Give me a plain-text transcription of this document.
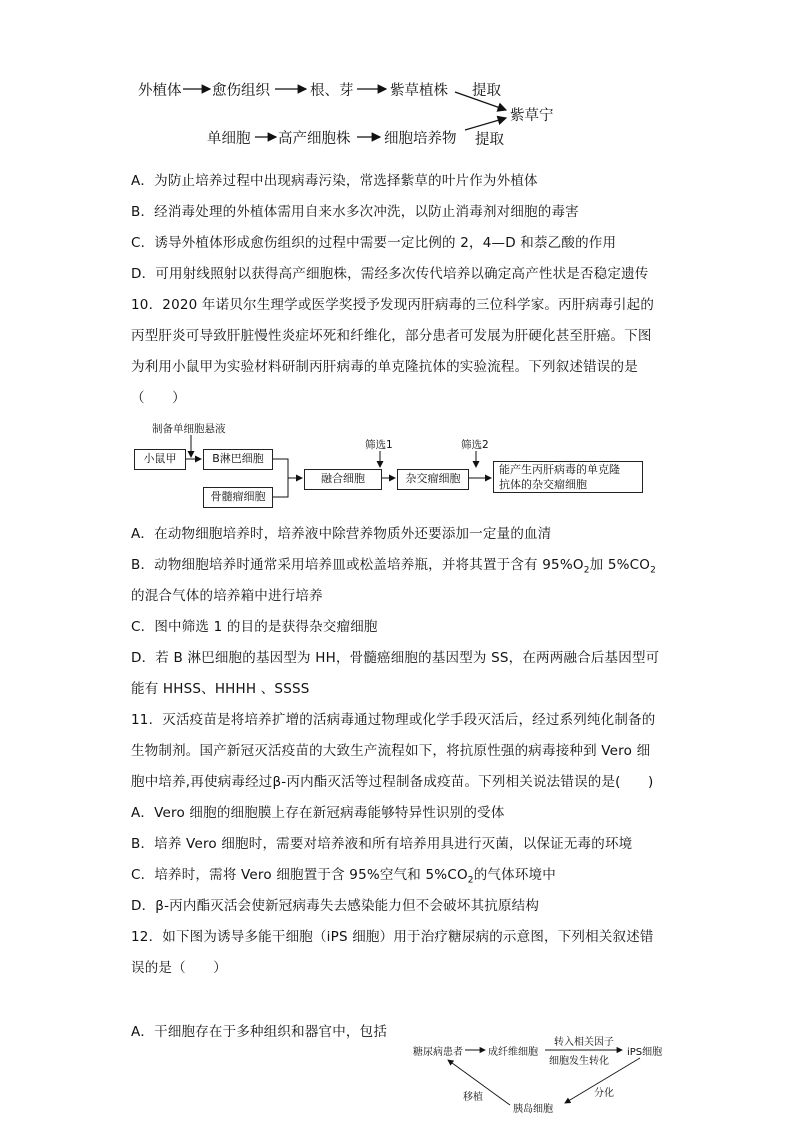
外植体 愈伤组织	根、芽	紫草植株
单细胞 高产细胞株 细胞培养物
紫草宁
提取
提取
A．为防止培养过程中出现病毒污染，常选择紫草的叶片作为外植体
B．经消毒处理的外植体需用自来水多次冲洗，以防止消毒剂对细胞的毒害
C．诱导外植体形成愈伤组织的过程中需要一定比例的 2，4—D 和萘乙酸的作用
D．可用射线照射以获得高产细胞株，需经多次传代培养以确定高产性状是否稳定遗传
10．2020 年诺贝尔生理学或医学奖授予发现丙肝病毒的三位科学家。丙肝病毒引起的
丙型肝炎可导致肝脏慢性炎症坏死和纤维化，部分患者可发展为肝硬化甚至肝癌。下图
为利用小鼠甲为实验材料研制丙肝病毒的单克隆抗体的实验流程。下列叙述错误的是
（　　）
制备单细胞悬液
筛选1	筛选2
小鼠甲	B淋巴细胞
骨髓瘤细胞
融合细胞	杂交瘤细胞
能产生丙肝病毒的单克隆
抗体的杂交瘤细胞
A．在动物细胞培养时，培养液中除营养物质外还要添加一定量的血清
B．动物细胞培养时通常采用培养皿或松盖培养瓶，并将其置于含有 $95\%O_2$加 $5\%CO_2$
的混合气体的培养箱中进行培养
C．图中筛选 1 的目的是获得杂交瘤细胞
D．若 B 淋巴细胞的基因型为 HH，骨髓癌细胞的基因型为 SS，在两两融合后基因型可
能有 HHSS、HHHH 、SSSS
11．灭活疫苗是将培养扩增的活病毒通过物理或化学手段灭活后，经过系列纯化制备的
生物制剂。国产新冠灭活疫苗的大致生产流程如下，将抗原性强的病毒接种到 Vero 细
胞中培养,再使病毒经过β-丙内酯灭活等过程制备成疫苗。下列相关说法错误的是(　　)
A．Vero 细胞的细胞膜上存在新冠病毒能够特异性识别的受体
B．培养 Vero 细胞时，需要对培养液和所有培养用具进行灭菌，以保证无毒的环境
C．培养时，需将 Vero 细胞置于含 95%空气和 $5\%CO_2$的气体环境中
D．β-丙内酯灭活会使新冠病毒失去感染能力但不会破坏其抗原结构
12．如下图为诱导多能干细胞（iPS 细胞）用于治疗糖尿病的示意图，下列相关叙述错
误的是（　　）
A．干细胞存在于多种组织和器官中，包括
糖尿病患者	成纤维细胞	iPS细胞
转入相关因子
细胞发生转化
胰岛细胞
分化
移植
